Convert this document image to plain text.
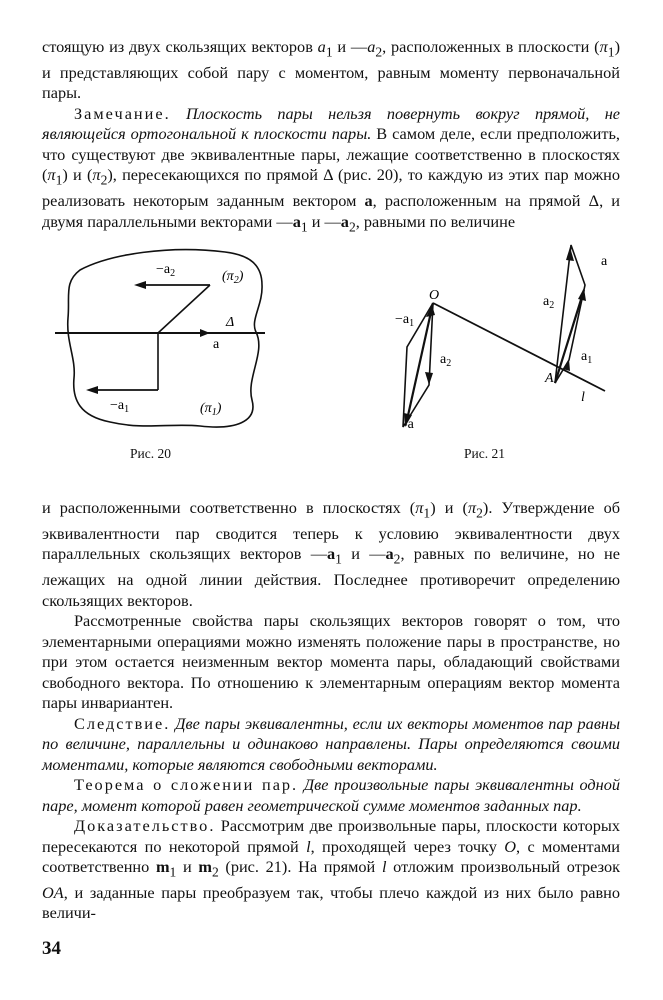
стоящую из двух скользящих векторов $a_1$ и $—a_2$, расположенных в плоскости $(\pi_1)$ и представляющих собой пару с моментом, равным моменту первоначальной пары.

Замечание. Плоскость пары нельзя повернуть вокруг прямой, не являющейся ортогональной к плоскости пары. В самом деле, если предположить, что существуют две эквивалентные пары, лежащие соответственно в плоскостях $(\pi_1)$ и $(\pi_2)$, пересекающихся по прямой Δ (рис. 20), то каждую из этих пар можно реализовать некоторым заданным вектором a, расположенным на прямой Δ, и двумя параллельными векторами $—a_1$ и $—a_2$, равными по величине

$-a_2$	$(\pi_2)$
Δ
a
$-a_1$	$(\pi_1)$
Рис. 20
O
A
l
a
$a_2$
$a_1$
$-a_1$
$a_2$
-a
Рис. 21

и расположенными соответственно в плоскостях $(\pi_1)$ и $(\pi_2)$. Утверждение об эквивалентности пар сводится теперь к условию эквивалентности двух параллельных скользящих векторов $—a_1$ и $—a_2$, равных по величине, но не лежащих на одной линии действия. Последнее противоречит определению скользящих векторов.

Рассмотренные свойства пары скользящих векторов говорят о том, что элементарными операциями можно изменять положение пары в пространстве, но при этом остается неизменным вектор момента пары, обладающий свойствами свободного вектора. По отношению к элементарным операциям вектор момента пары инвариантен.

Следствие. Две пары эквивалентны, если их векторы моментов пар равны по величине, параллельны и одинаково направлены. Пары определяются своими моментами, которые являются свободными векторами.

Теорема о сложении пар. Две произвольные пары эквивалентны одной паре, момент которой равен геометрической сумме моментов заданных пар.

Доказательство. Рассмотрим две произвольные пары, плоскости которых пересекаются по некоторой прямой l, проходящей через точку O, с моментами соответственно $m_1$ и $m_2$ (рис. 21). На прямой l отложим произвольный отрезок OA, и заданные пары преобразуем так, чтобы плечо каждой из них было равно величи-

34
